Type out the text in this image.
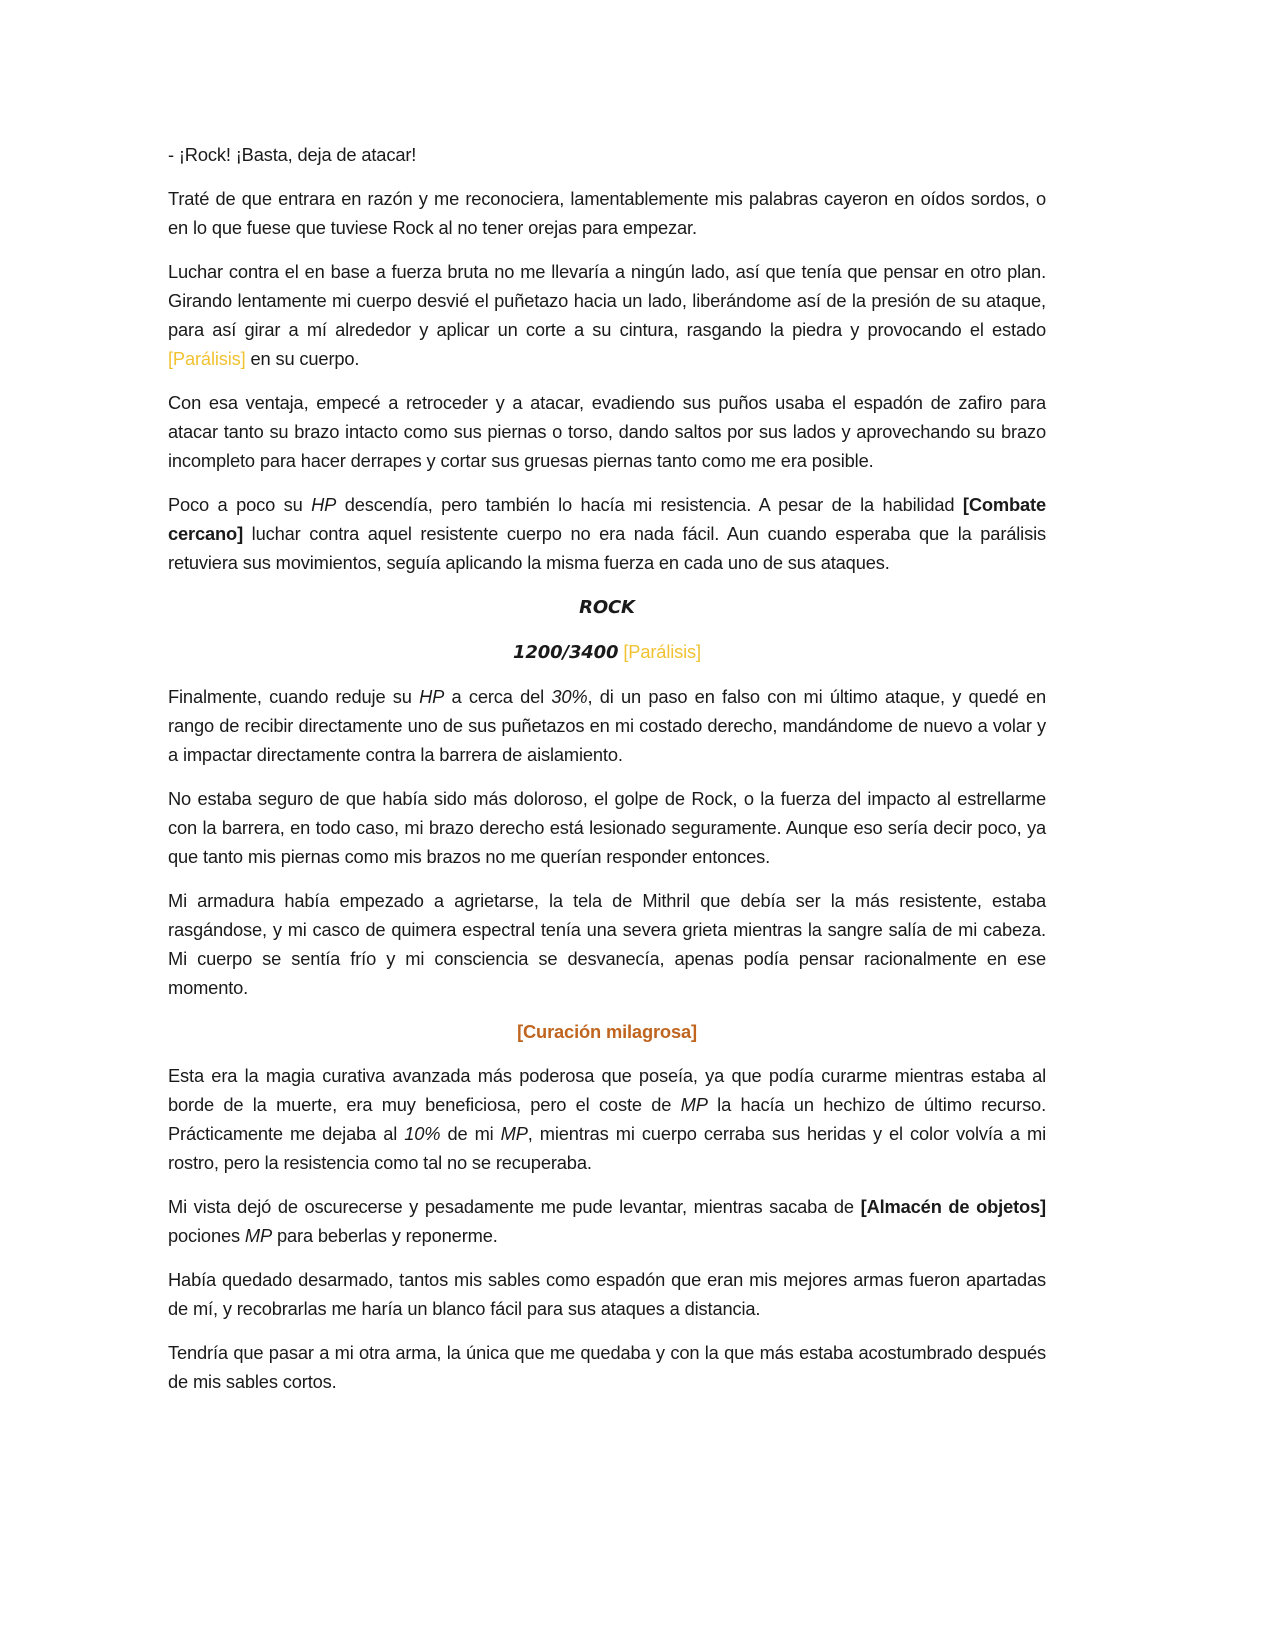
- ¡Rock! ¡Basta, deja de atacar!

Traté de que entrara en razón y me reconociera, lamentablemente mis palabras cayeron en oídos sordos, o en lo que fuese que tuviese Rock al no tener orejas para empezar.

Luchar contra el en base a fuerza bruta no me llevaría a ningún lado, así que tenía que pensar en otro plan. Girando lentamente mi cuerpo desvié el puñetazo hacia un lado, liberándome así de la presión de su ataque, para así girar a mí alrededor y aplicar un corte a su cintura, rasgando la piedra y provocando el estado [Parálisis] en su cuerpo.

Con esa ventaja, empecé a retroceder y a atacar, evadiendo sus puños usaba el espadón de zafiro para atacar tanto su brazo intacto como sus piernas o torso, dando saltos por sus lados y aprovechando su brazo incompleto para hacer derrapes y cortar sus gruesas piernas tanto como me era posible.

Poco a poco su HP descendía, pero también lo hacía mi resistencia. A pesar de la habilidad [Combate cercano] luchar contra aquel resistente cuerpo no era nada fácil. Aun cuando esperaba que la parálisis retuviera sus movimientos, seguía aplicando la misma fuerza en cada uno de sus ataques.

ROCK

1200/3400 [Parálisis]

Finalmente, cuando reduje su HP a cerca del 30%, di un paso en falso con mi último ataque, y quedé en rango de recibir directamente uno de sus puñetazos en mi costado derecho, mandándome de nuevo a volar y a impactar directamente contra la barrera de aislamiento.

No estaba seguro de que había sido más doloroso, el golpe de Rock, o la fuerza del impacto al estrellarme con la barrera, en todo caso, mi brazo derecho está lesionado seguramente. Aunque eso sería decir poco, ya que tanto mis piernas como mis brazos no me querían responder entonces.

Mi armadura había empezado a agrietarse, la tela de Mithril que debía ser la más resistente, estaba rasgándose, y mi casco de quimera espectral tenía una severa grieta mientras la sangre salía de mi cabeza. Mi cuerpo se sentía frío y mi consciencia se desvanecía, apenas podía pensar racionalmente en ese momento.

[Curación milagrosa]

Esta era la magia curativa avanzada más poderosa que poseía, ya que podía curarme mientras estaba al borde de la muerte, era muy beneficiosa, pero el coste de MP la hacía un hechizo de último recurso. Prácticamente me dejaba al 10% de mi MP, mientras mi cuerpo cerraba sus heridas y el color volvía a mi rostro, pero la resistencia como tal no se recuperaba.

Mi vista dejó de oscurecerse y pesadamente me pude levantar, mientras sacaba de [Almacén de objetos] pociones MP para beberlas y reponerme.

Había quedado desarmado, tantos mis sables como espadón que eran mis mejores armas fueron apartadas de mí, y recobrarlas me haría un blanco fácil para sus ataques a distancia.

Tendría que pasar a mi otra arma, la única que me quedaba y con la que más estaba acostumbrado después de mis sables cortos.
